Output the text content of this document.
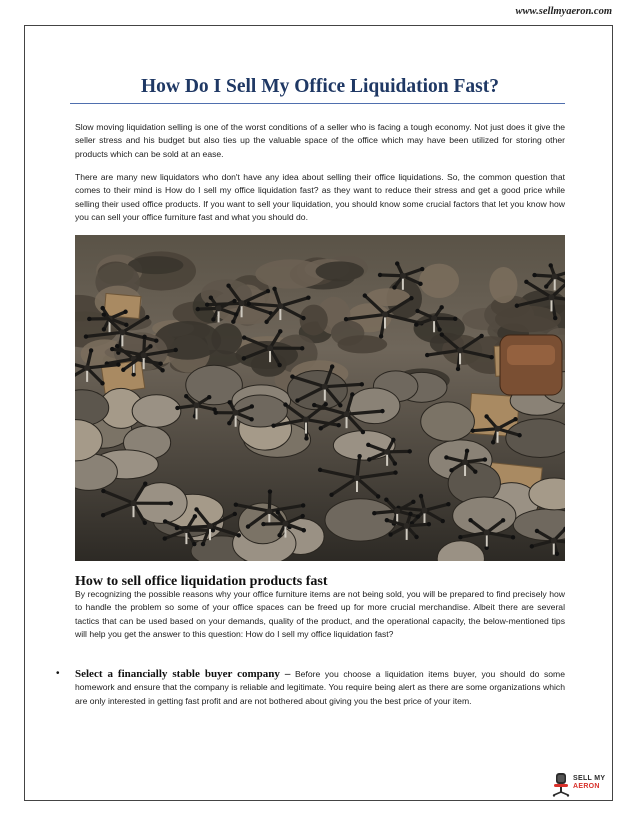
www.sellmyaeron.com
How Do I Sell My Office Liquidation Fast?

Slow moving liquidation selling is one of the worst conditions of a seller who is facing a tough economy. Not just does it give the seller stress and his budget but also ties up the valuable space of the office which may have been utilized for storing other products which can be sold at an ease.

There are many new liquidators who don't have any idea about selling their office liquidations. So, the common question that comes to their mind is How do I sell my office liquidation fast? as they want to reduce their stress and get a good price while selling their used office products. If you want to sell your liquidation, you should know some crucial factors that let you know how you can sell your office furniture fast and what you should do.

How to sell office liquidation products fast

By recognizing the possible reasons why your office furniture items are not being sold, you will be prepared to find precisely how to handle the problem so some of your office spaces can be freed up for more crucial merchandise. Albeit there are several tactics that can be used based on your demands, quality of the product, and the operational capacity, the below-mentioned tips will help you get the answer to this question: How do I sell my office liquidation fast?

• Select a financially stable buyer company – Before you choose a liquidation items buyer, you should do some homework and ensure that the company is reliable and legitimate. You require being alert as there are some organizations which are only interested in getting fast profit and are not bothered about giving you the best price of your item.

SELL MY
AERON
